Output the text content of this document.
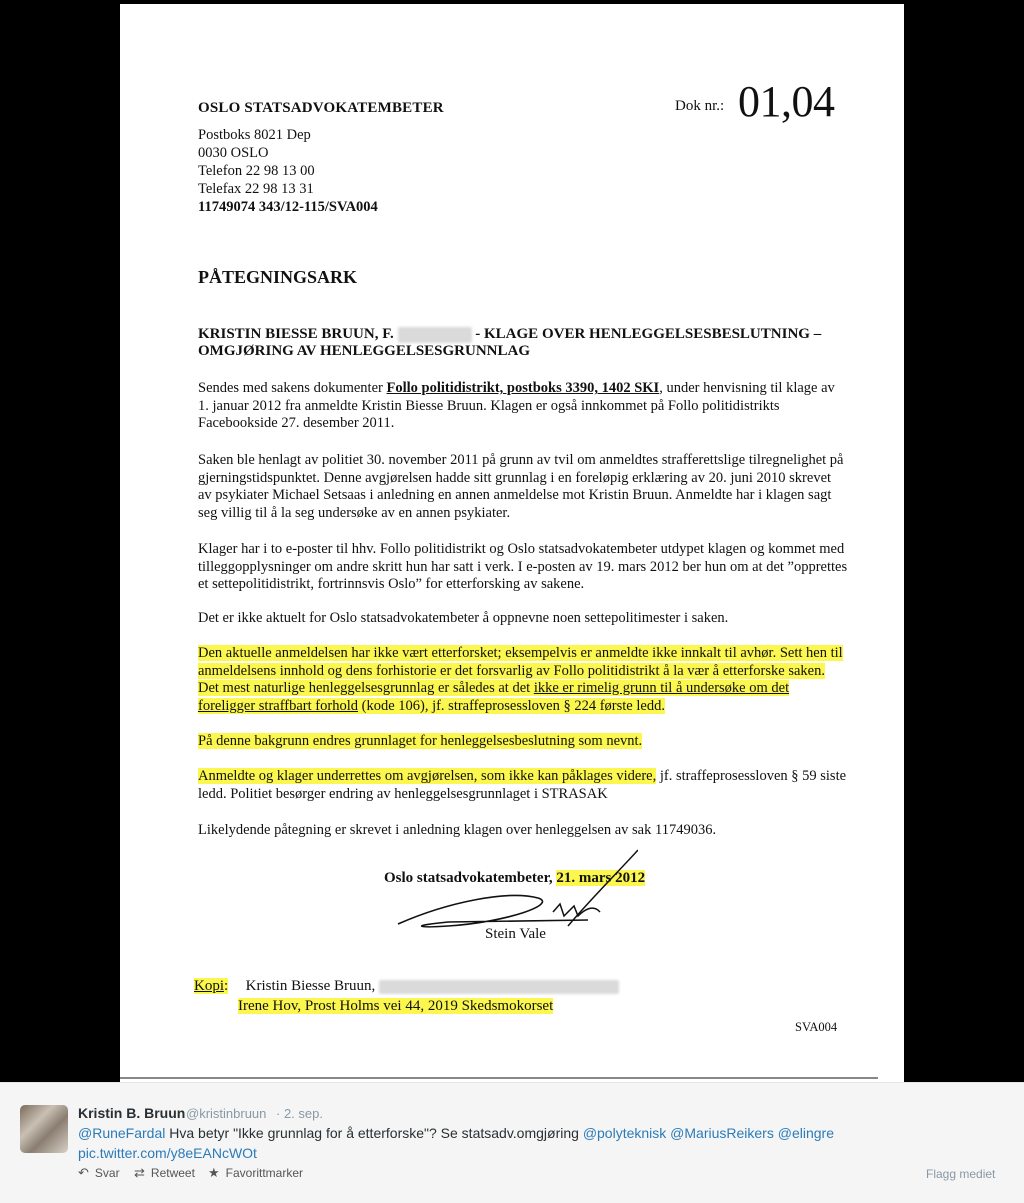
OSLO STATSADVOKATEMBETER
Postboks 8021 Dep
0030 OSLO
Telefon 22 98 13 00
Telefax 22 98 13 31
11749074 343/12-115/SVA004
Dok nr.: 01,04
PÅTEGNINGSARK
KRISTIN BIESSE BRUUN, F.	- KLAGE OVER HENLEGGELSESBESLUTNING –
OMGJØRING AV HENLEGGELSESGRUNNLAG
Sendes med sakens dokumenter Follo politidistrikt, postboks 3390, 1402 SKI, under henvisning til klage av 1. januar 2012 fra anmeldte Kristin Biesse Bruun. Klagen er også innkommet på Follo politidistrikts Facebookside 27. desember 2011.
Saken ble henlagt av politiet 30. november 2011 på grunn av tvil om anmeldtes strafferettslige tilregnelighet på gjerningstidspunktet. Denne avgjørelsen hadde sitt grunnlag i en foreløpig erklæring av 20. juni 2010 skrevet av psykiater Michael Setsaas i anledning en annen anmeldelse mot Kristin Bruun. Anmeldte har i klagen sagt seg villig til å la seg undersøke av en annen psykiater.
Klager har i to e-poster til hhv. Follo politidistrikt og Oslo statsadvokatembeter utdypet klagen og kommet med tilleggopplysninger om andre skritt hun har satt i verk. I e-posten av 19. mars 2012 ber hun om at det ”opprettes et settepolitidistrikt, fortrinnsvis Oslo” for etterforsking av sakene.
Det er ikke aktuelt for Oslo statsadvokatembeter å oppnevne noen settepolitimester i saken.
Den aktuelle anmeldelsen har ikke vært etterforsket; eksempelvis er anmeldte ikke innkalt til avhør. Sett hen til anmeldelsens innhold og dens forhistorie er det forsvarlig av Follo politidistrikt å la vær å etterforske saken. Det mest naturlige henleggelsesgrunnlag er således at det ikke er rimelig grunn til å undersøke om det foreligger straffbart forhold (kode 106), jf. straffeprosessloven § 224 første ledd.
På denne bakgrunn endres grunnlaget for henleggelsesbeslutning som nevnt.
Anmeldte og klager underrettes om avgjørelsen, som ikke kan påklages videre, jf. straffeprosessloven § 59 siste ledd. Politiet besørger endring av henleggelsesgrunnlaget i STRASAK
Likelydende påtegning er skrevet i anledning klagen over henleggelsen av sak 11749036.
Oslo statsadvokatembeter, 21. mars 2012
Stein Vale
Kopi: Kristin Biesse Bruun,
Irene Hov, Prost Holms vei 44, 2019 Skedsmokorset
SVA004
Kristin B. Bruun @kristinbruun · 2. sep.
@RuneFardal Hva betyr "Ikke grunnlag for å etterforske"? Se statsadv.omgjøring @polyteknisk @MariusReikers @elingre
pic.twitter.com/y8eEANcWOt
↶ Svar ⇄ Retweet ★ Favorittmarker	Flagg mediet
